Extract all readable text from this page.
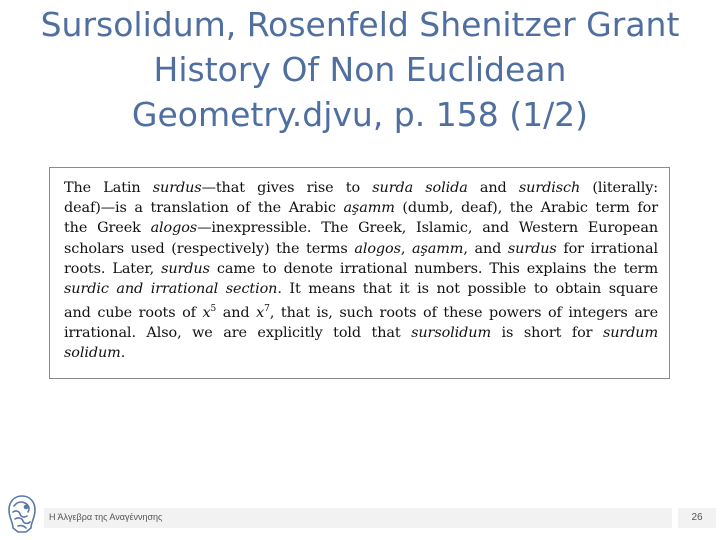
Sursolidum, Rosenfeld Shenitzer Grant
History Of Non Euclidean
Geometry.djvu, p. 158 (1/2)
The Latin surdus—that gives rise to surda solida and surdisch (literally:
deaf)—is a translation of the Arabic aşamm (dumb, deaf), the Arabic term for
the Greek alogos—inexpressible. The Greek, Islamic, and Western European
scholars used (respectively) the terms alogos, aşamm, and surdus for irrational
roots. Later, surdus came to denote irrational numbers. This explains the term
surdic and irrational section. It means that it is not possible to obtain square
and cube roots of $x^5$ and $x^7$, that is, such roots of these powers of integers are
irrational. Also, we are explicitly told that sursolidum is short for surdum
solidum.
Η Άλγεβρα της Αναγέννησης	26
